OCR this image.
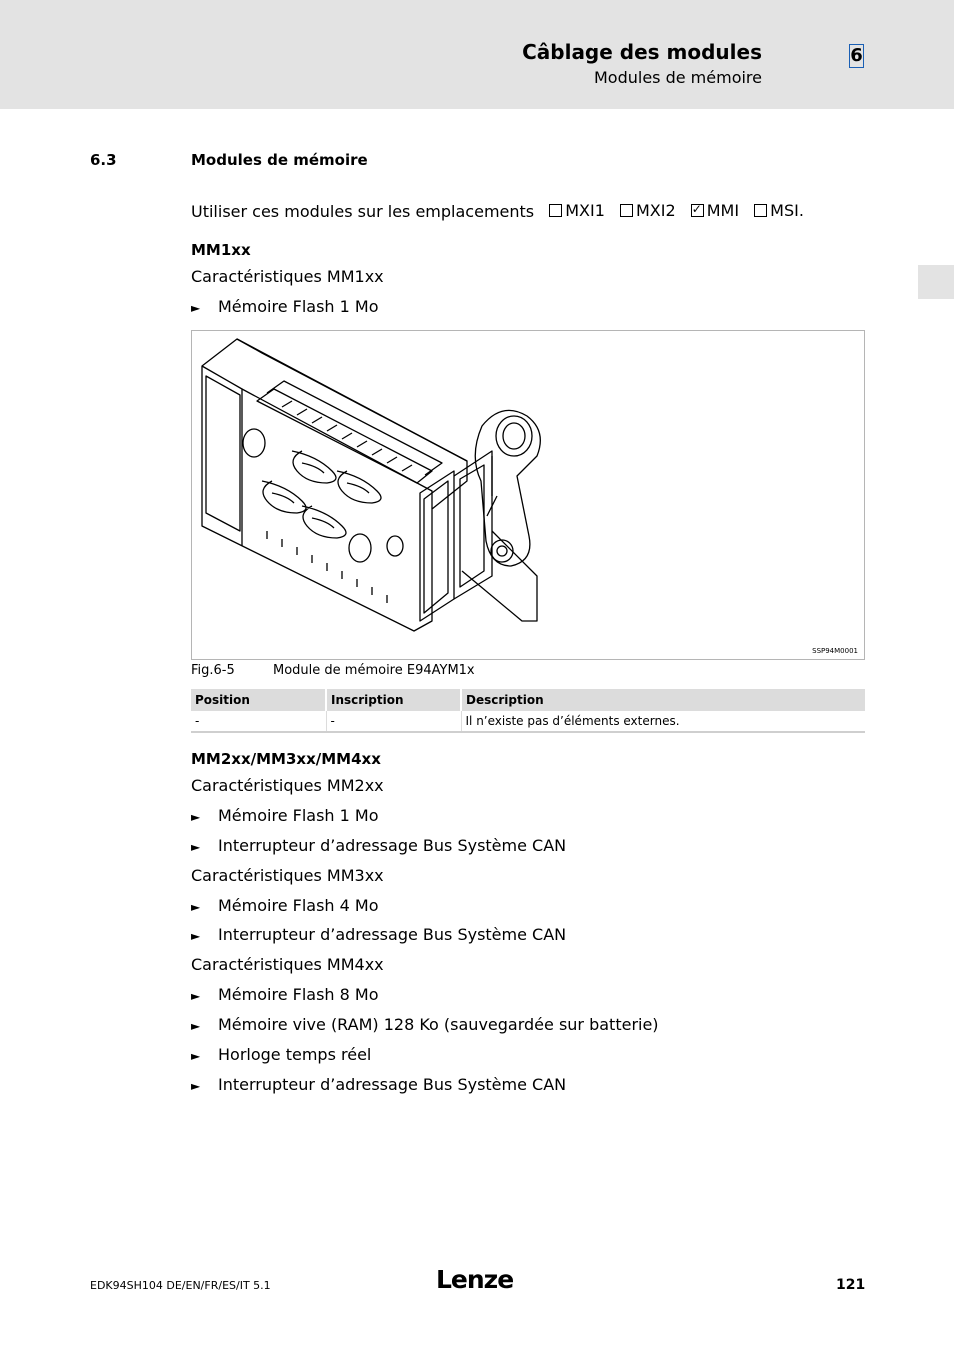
Câblage des modules
Modules de mémoire
6
6.3	Modules de mémoire
Utiliser ces modules sur les emplacements MXI1
MXI2
✓ MMI
MSI.
MM1xx
Caractéristiques MM1xx
► Mémoire Flash 1 Mo
SSP94M0001
Fig.6-5	Module de mémoire E94AYM1x
Position	Inscription	Description
-	-	Il n’existe pas d’éléments externes.
MM2xx/MM3xx/MM4xx
Caractéristiques MM2xx
► Mémoire Flash 1 Mo
► Interrupteur d’adressage Bus Système CAN
Caractéristiques MM3xx
► Mémoire Flash 4 Mo
► Interrupteur d’adressage Bus Système CAN
Caractéristiques MM4xx
► Mémoire Flash 8 Mo
► Mémoire vive (RAM) 128 Ko (sauvegardée sur batterie)
► Horloge temps réel
► Interrupteur d’adressage Bus Système CAN
EDK94SH104 DE/EN/FR/ES/IT 5.1	Lenze	121
